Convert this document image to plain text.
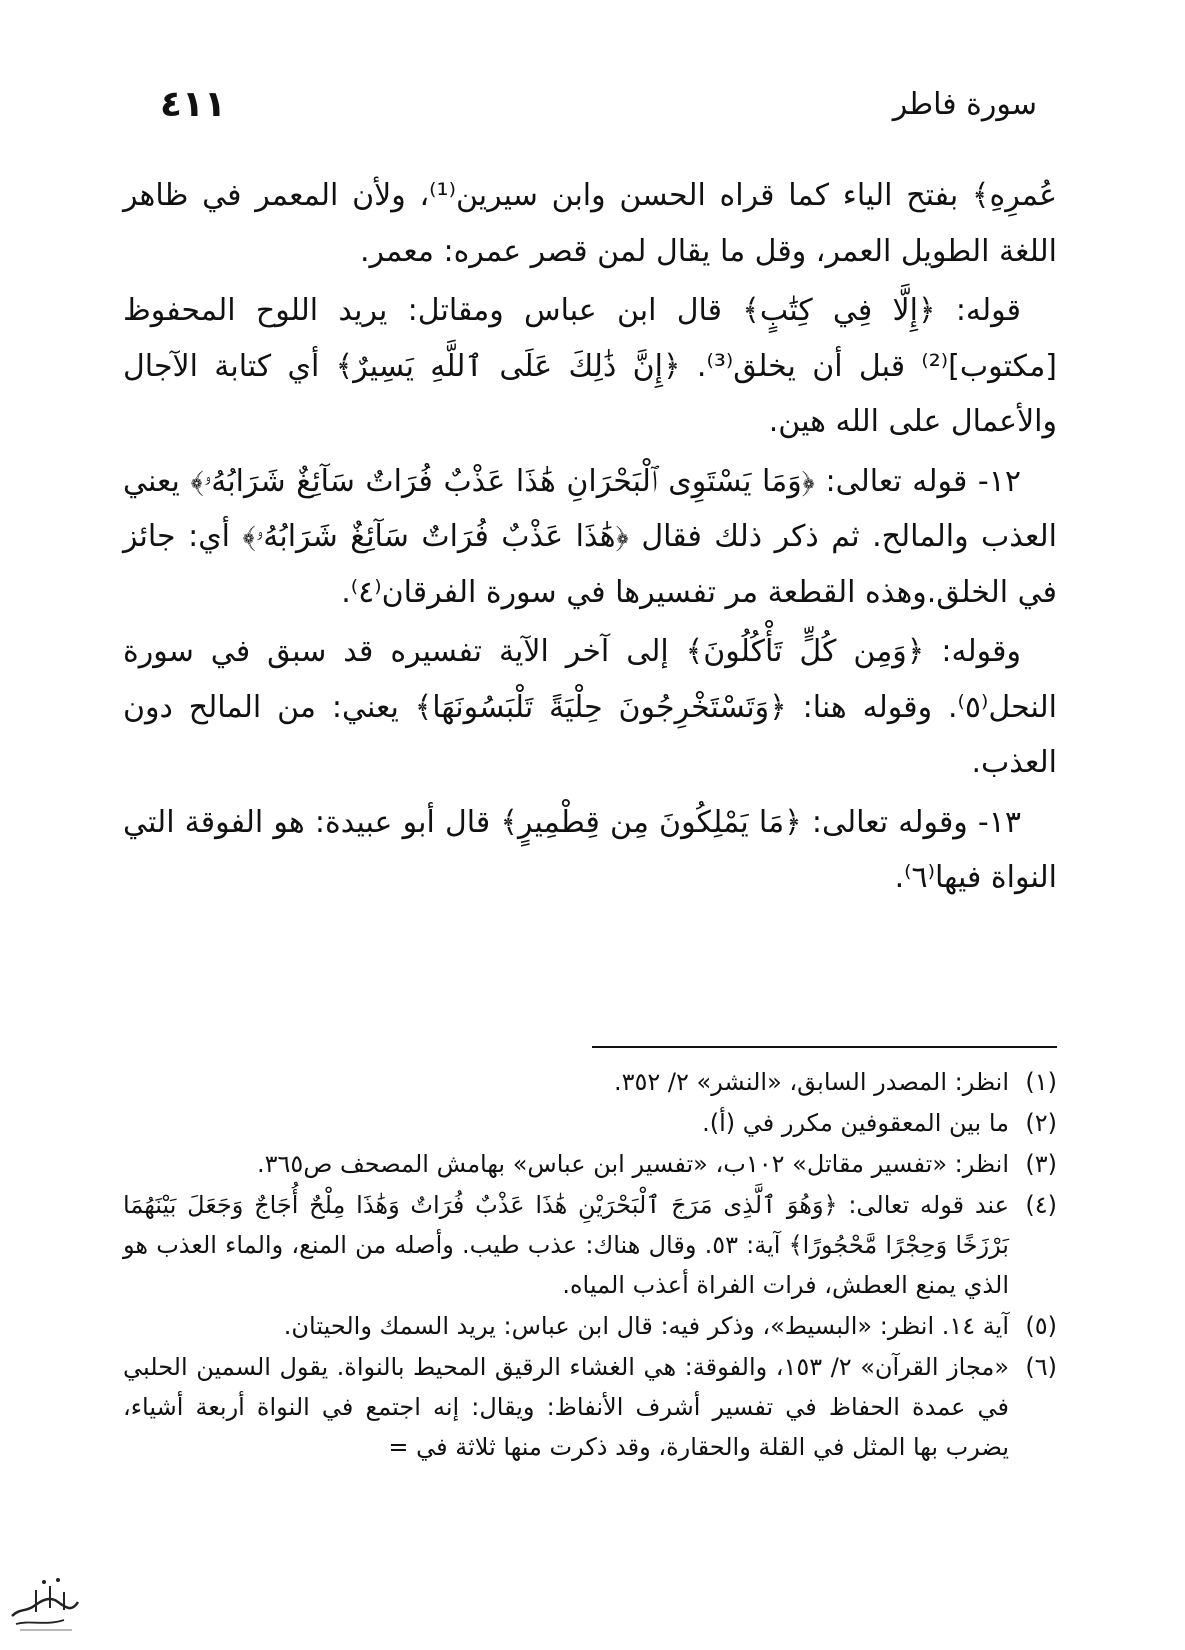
سورة فاطر
٤١١

عُمرِهِ﴾ بفتح الياء كما قراه الحسن وابن سيرين⁽¹⁾، ولأن المعمر في ظاهر اللغة الطويل العمر، وقل ما يقال لمن قصر عمره: معمر.

قوله: ﴿إِلَّا فِي كِتَٰبٍ﴾ قال ابن عباس ومقاتل: يريد اللوح المحفوظ [مكتوب]⁽²⁾ قبل أن يخلق⁽³⁾. ﴿إِنَّ ذَٰلِكَ عَلَى ٱللَّهِ يَسِيرٌ﴾ أي كتابة الآجال والأعمال على الله هين.

١٢- قوله تعالى: ﴿وَمَا يَسْتَوِى ٱلْبَحْرَانِ هَٰذَا عَذْبٌ فُرَاتٌ سَآئِغٌ شَرَابُهُۥ﴾ يعني العذب والمالح. ثم ذكر ذلك فقال ﴿هَٰذَا عَذْبٌ فُرَاتٌ سَآئِغٌ شَرَابُهُۥ﴾ أي: جائز في الخلق.وهذه القطعة مر تفسيرها في سورة الفرقان⁽٤⁾.

وقوله: ﴿وَمِن كُلٍّ تَأْكُلُونَ﴾ إلى آخر الآية تفسيره قد سبق في سورة النحل⁽٥⁾. وقوله هنا: ﴿وَتَسْتَخْرِجُونَ حِلْيَةً تَلْبَسُونَهَا﴾ يعني: من المالح دون العذب.

١٣- وقوله تعالى: ﴿مَا يَمْلِكُونَ مِن قِطْمِيرٍ﴾ قال أبو عبيدة: هو الفوقة التي النواة فيها⁽٦⁾.

(١)
انظر: المصدر السابق، «النشر» ٢/ ٣٥٢.
(٢)
ما بين المعقوفين مكرر في (أ).
(٣)
انظر: «تفسير مقاتل» ١٠٢ب، «تفسير ابن عباس» بهامش المصحف ص٣٦٥.
(٤)
عند قوله تعالى: ﴿وَهُوَ ٱلَّذِى مَرَجَ ٱلْبَحْرَيْنِ هَٰذَا عَذْبٌ فُرَاتٌ وَهَٰذَا مِلْحٌ أُجَاجٌ وَجَعَلَ بَيْنَهُمَا بَرْزَخًا وَحِجْرًا مَّحْجُورًا﴾ آية: ٥٣. وقال هناك: عذب طيب. وأصله من المنع، والماء العذب هو الذي يمنع العطش، فرات الفراة أعذب المياه.
(٥)
آية ١٤. انظر: «البسيط»، وذكر فيه: قال ابن عباس: يريد السمك والحيتان.
(٦)
«مجاز القرآن» ٢/ ١٥٣، والفوقة: هي الغشاء الرقيق المحيط بالنواة. يقول السمين الحلبي في عمدة الحفاظ في تفسير أشرف الأنفاظ: ويقال: إنه اجتمع في النواة أربعة أشياء، يضرب بها المثل في القلة والحقارة، وقد ذكرت منها ثلاثة في =
